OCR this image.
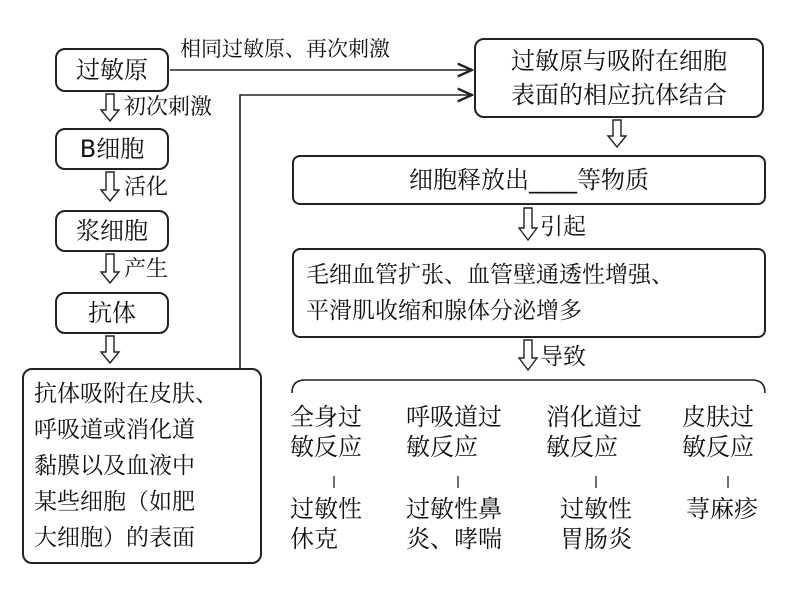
过敏原
初次刺激
B细胞
活化
浆细胞
产生
抗体
抗体吸附在皮肤、
呼吸道或消化道
黏膜以及血液中
某些细胞（如肥
大细胞）的表面
相同过敏原、再次刺激	过敏原与吸附在细胞
表面的相应抗体结合
细胞释放出____等物质
引起
毛细血管扩张、血管壁通透性增强、
平滑肌收缩和腺体分泌增多
导致
全身过
敏反应
呼吸道过
敏反应
消化道过
敏反应
皮肤过
敏反应
过敏性
休克
过敏性鼻
炎、哮喘
过敏性
胃肠炎
荨麻疹
